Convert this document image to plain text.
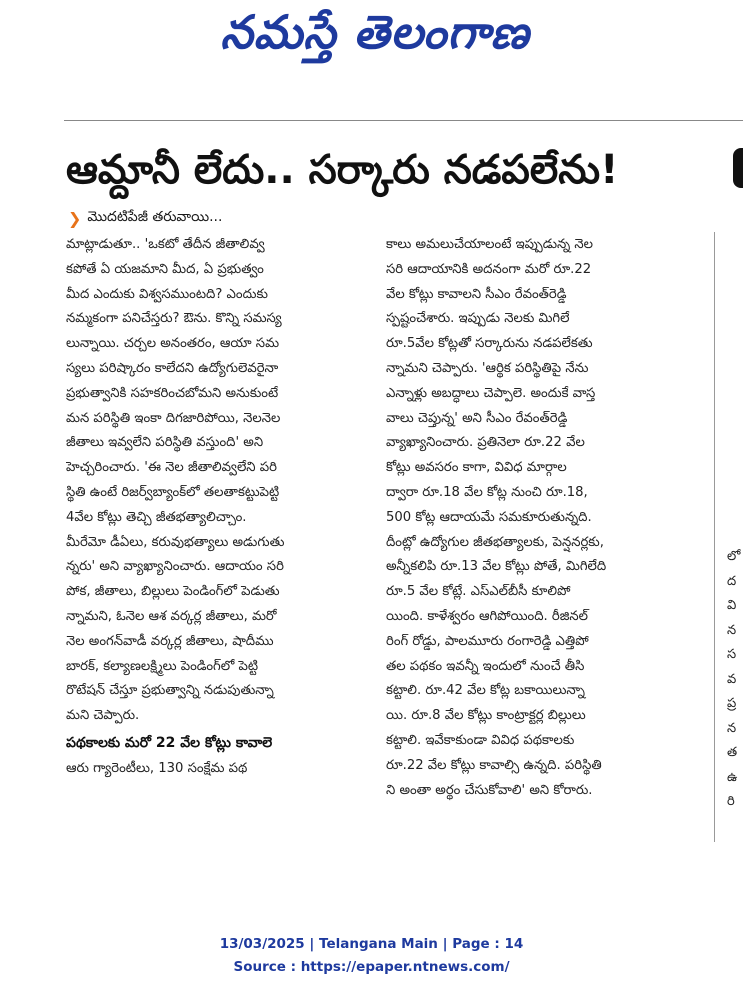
నమస్తే తెలంగాణ
ఆమ్దానీ లేదు.. సర్కారు నడపలేను!
❯ మొదటిపేజీ తరువాయి...
మాట్లాడుతూ.. 'ఒకటో తేదీన జీతాలివ్వ
కపోతే ఏ యజమాని మీద, ఏ ప్రభుత్వం
మీద ఎందుకు విశ్వసముంటది? ఎందుకు
నమ్మకంగా పనిచేస్తరు? ఔను. కొన్ని సమస్య
లున్నాయి. చర్చల అనంతరం, ఆయా సమ
స్యలు పరిష్కారం కాలేదని ఉద్యోగులెవరైనా
ప్రభుత్వానికి సహకరించబోమని అనుకుంటే
మన పరిస్థితి ఇంకా దిగజారిపోయి, నెలనెల
జీతాలు ఇవ్వలేని పరిస్థితి వస్తుంది' అని
హెచ్చరించారు. 'ఈ నెల జీతాలివ్వలేని పరి
స్థితి ఉంటే రిజర్వ్‌బ్యాంక్‌లో తలతాకట్టుపెట్టి
4వేల కోట్లు తెచ్చి జీతభత్యాలిచ్చాం.
మీరేమో డీఏలు, కరువుభత్యాలు అడుగుతు
న్నరు' అని వ్యాఖ్యానించారు. ఆదాయం సరి
పోక, జీతాలు, బిల్లులు పెండింగ్‌లో పెడుతు
న్నామని, ఓనెల ఆశ వర్కర్ల జీతాలు, మరో
నెల అంగన్‌వాడీ వర్కర్ల జీతాలు, షాదీము
బారక్, కల్యాణలక్ష్మిలు పెండింగ్‌లో పెట్టి
రొటేషన్ చేస్తూ ప్రభుత్వాన్ని నడుపుతున్నా
మని చెప్పారు.
పథకాలకు మరో 22 వేల కోట్లు కావాలె
ఆరు గ్యారెంటీలు, 130 సంక్షేమ పథ
కాలు అమలుచేయాలంటే ఇప్పుడున్న నెల
సరి ఆదాయానికి అదనంగా మరో రూ.22
వేల కోట్లు కావాలని సీఎం రేవంత్‌రెడ్డి
స్పష్టంచేశారు. ఇప్పుడు నెలకు మిగిలే
రూ.5వేల కోట్లతో సర్కారును నడపలేకతు
న్నామని చెప్పారు. 'ఆర్థిక పరిస్థితిపై నేను
ఎన్నాళ్లు అబద్ధాలు చెప్పాలె. అందుకే వాస్త
వాలు చెప్తున్న' అని సీఎం రేవంత్‌రెడ్డి
వ్యాఖ్యానించారు. ప్రతినెలా రూ.22 వేల
కోట్లు అవసరం కాగా, వివిధ మార్గాల
ద్వారా రూ.18 వేల కోట్ల నుంచి రూ.18,
500 కోట్ల ఆదాయమే సమకూరుతున్నది.
దీంట్లో ఉద్యోగుల జీతభత్యాలకు, పెన్షనర్లకు,
అన్నీకలిపి రూ.13 వేల కోట్లు పోతే, మిగిలేది
రూ.5 వేల కోట్లే. ఎస్‌ఎల్‌బీసీ కూలిపో
యింది. కాళేశ్వరం ఆగిపోయింది. రీజినల్
రింగ్ రోడ్డు, పాలమూరు రంగారెడ్డి ఎత్తిపో
తల పథకం ఇవన్నీ ఇందులో నుంచే తీసి
కట్టాలి. రూ.42 వేల కోట్ల బకాయిలున్నా
యి. రూ.8 వేల కోట్లు కాంట్రాక్టర్ల బిల్లులు
కట్టాలి. ఇవేకాకుండా వివిధ పథకాలకు
రూ.22 వేల కోట్లు కావాల్సి ఉన్నది. పరిస్థితి
ని అంతా అర్థం చేసుకోవాలి' అని కోరారు.
లో
ద
వి
న
స
వ
ప్ర
న
త
ఉ
రి
13/03/2025 | Telangana Main | Page : 14
Source : https://epaper.ntnews.com/
